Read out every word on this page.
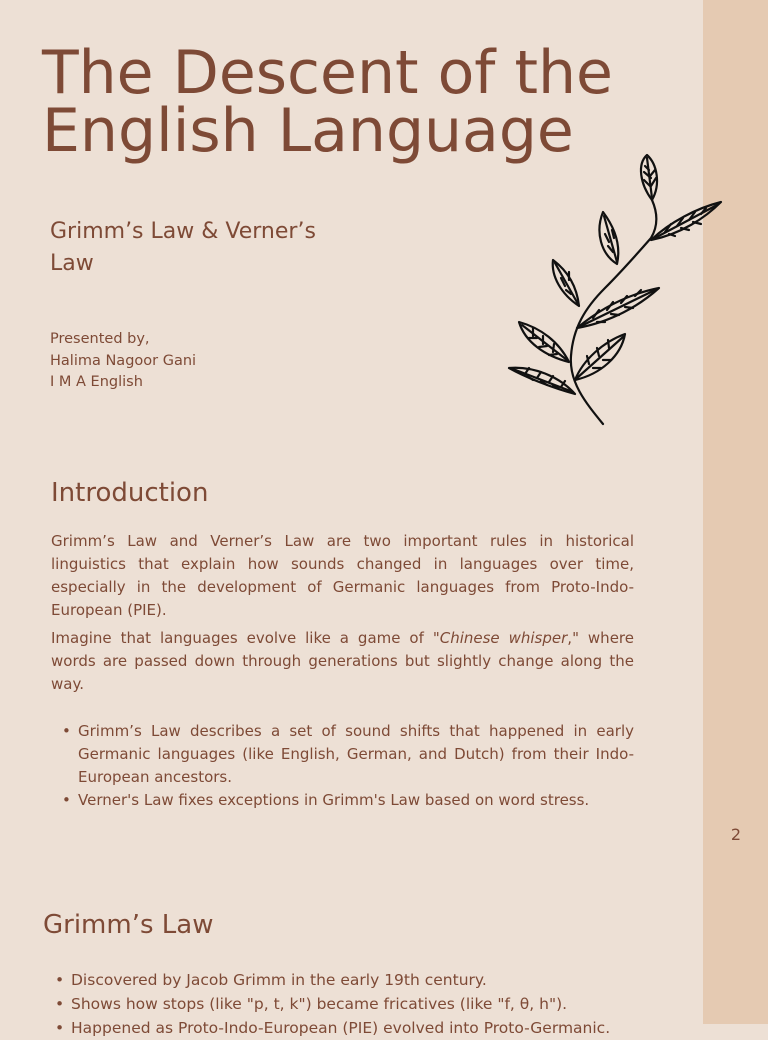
2
The Descent of the English Language
Grimm’s Law & Verner’s Law
Presented by,
Halima Nagoor Gani
I M A English
Introduction

Grimm’s Law and Verner’s Law are two important rules in historical linguistics that explain how sounds changed in languages over time, especially in the development of Germanic languages from Proto-Indo-European (PIE).

Imagine that languages evolve like a game of "Chinese whisper," where words are passed down through generations but slightly change along the way.

• Grimm’s Law describes a set of sound shifts that happened in early Germanic languages (like English, German, and Dutch) from their Indo-European ancestors.
• Verner's Law fixes exceptions in Grimm's Law based on word stress.
Grimm’s Law
• Discovered by Jacob Grimm in the early 19th century.
• Shows how stops (like "p, t, k") became fricatives (like "f, θ, h").
• Happened as Proto-Indo-European (PIE) evolved into Proto-Germanic.
